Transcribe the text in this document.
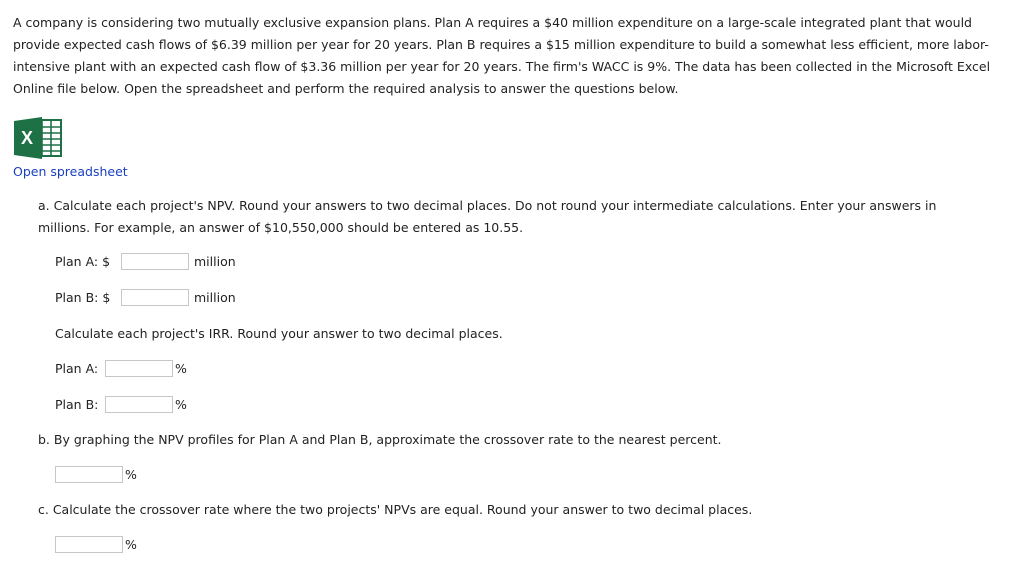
A company is considering two mutually exclusive expansion plans. Plan A requires a $40 million expenditure on a large-scale integrated plant that would provide expected cash flows of $6.39 million per year for 20 years. Plan B requires a $15 million expenditure to build a somewhat less efficient, more labor-intensive plant with an expected cash flow of $3.36 million per year for 20 years. The firm's WACC is 9%. The data has been collected in the Microsoft Excel Online file below. Open the spreadsheet and perform the required analysis to answer the questions below.

X
Open spreadsheet
a. Calculate each project's NPV. Round your answers to two decimal places. Do not round your intermediate calculations. Enter your answers in millions. For example, an answer of $10,550,000 should be entered as 10.55.
Plan A: $	million
Plan B: $	million
Calculate each project's IRR. Round your answer to two decimal places.
Plan A:	%
Plan B:	%
b. By graphing the NPV profiles for Plan A and Plan B, approximate the crossover rate to the nearest percent.
%
c. Calculate the crossover rate where the two projects' NPVs are equal. Round your answer to two decimal places.
%
